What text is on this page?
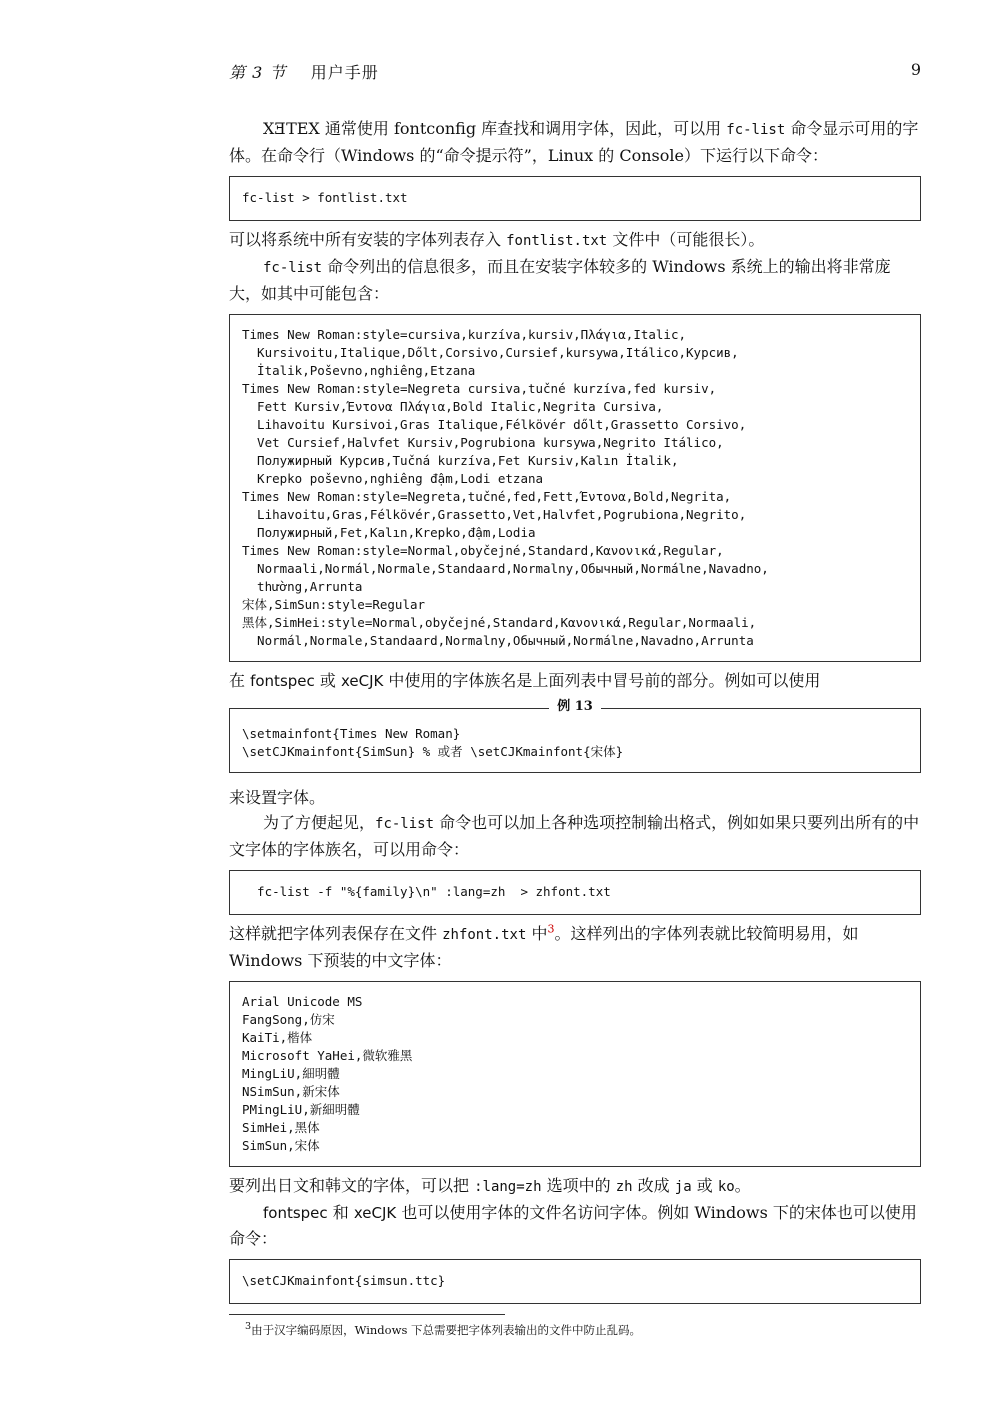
第 3 节 用户手册	9

XƎTEX 通常使用 fontconfig 库查找和调用字体，因此，可以用 fc-list 命令显示可用的字体。在命令行（Windows 的“命令提示符”，Linux 的 Console）下运行以下命令：

fc-list > fontlist.txt

可以将系统中所有安装的字体列表存入 fontlist.txt 文件中（可能很长）。

fc-list 命令列出的信息很多，而且在安装字体较多的 Windows 系统上的输出将非常庞大，如其中可能包含：

Times New Roman:style=cursiva,kurzíva,kursiv,Πλάγια,Italic,
Kursivoitu,Italique,Dőlt,Corsivo,Cursief,kursywa,Itálico,Курсив,
İtalik,Poševno,nghiêng,Etzana
Times New Roman:style=Negreta cursiva,tučné kurzíva,fed kursiv,
Fett Kursiv,Έντονα Πλάγια,Bold Italic,Negrita Cursiva,
Lihavoitu Kursivoi,Gras Italique,Félkövér dőlt,Grassetto Corsivo,
Vet Cursief,Halvfet Kursiv,Pogrubiona kursywa,Negrito Itálico,
Полужирный Курсив,Tučná kurzíva,Fet Kursiv,Kalın İtalik,
Krepko poševno,nghiêng đậm,Lodi etzana
Times New Roman:style=Negreta,tučné,fed,Fett,Έντονα,Bold,Negrita,
Lihavoitu,Gras,Félkövér,Grassetto,Vet,Halvfet,Pogrubiona,Negrito,
Полужирный,Fet,Kalın,Krepko,đậm,Lodia
Times New Roman:style=Normal,obyčejné,Standard,Κανονικά,Regular,
Normaali,Normál,Normale,Standaard,Normalny,Обычный,Normálne,Navadno,
thường,Arrunta
宋体,SimSun:style=Regular
黑体,SimHei:style=Normal,obyčejné,Standard,Κανονικά,Regular,Normaali,
Normál,Normale,Standaard,Normalny,Обычный,Normálne,Navadno,Arrunta

在 fontspec 或 xeCJK 中使用的字体族名是上面列表中冒号前的部分。例如可以使用

例 13
\setmainfont{Times New Roman}
\setCJKmainfont{SimSun} % 或者 \setCJKmainfont{宋体}

来设置字体。

为了方便起见，fc-list 命令也可以加上各种选项控制输出格式，例如如果只要列出所有的中文字体的字体族名，可以用命令：

fc-list -f "%{family}\n" :lang=zh  > zhfont.txt

这样就把字体列表保存在文件 zhfont.txt 中$^3$。这样列出的字体列表就比较简明易用，如 Windows 下预装的中文字体：

Arial Unicode MS
FangSong,仿宋
KaiTi,楷体
Microsoft YaHei,微软雅黑
MingLiU,細明體
NSimSun,新宋体
PMingLiU,新細明體
SimHei,黑体
SimSun,宋体

要列出日文和韩文的字体，可以把 :lang=zh 选项中的 zh 改成 ja 或 ko。

fontspec 和 xeCJK 也可以使用字体的文件名访问字体。例如 Windows 下的宋体也可以使用命令：

\setCJKmainfont{simsun.ttc}
$^3$由于汉字编码原因，Windows 下总需要把字体列表输出的文件中防止乱码。
